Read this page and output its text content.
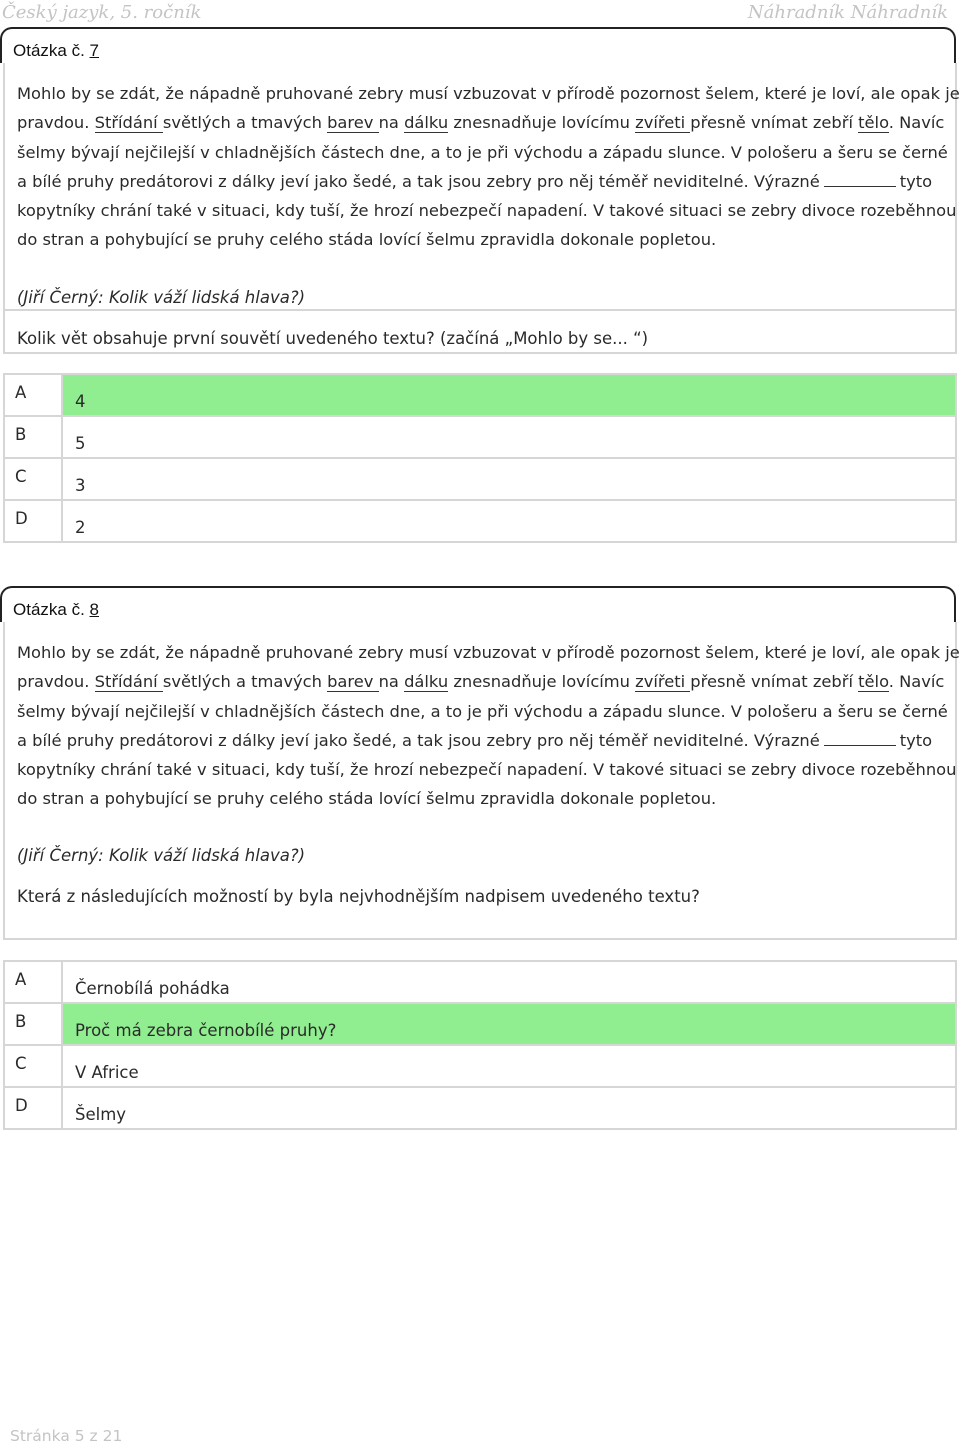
Český jazyk, 5. ročník	Náhradník Náhradník
Otázka č. 7
Mohlo by se zdát, že nápadně pruhované zebry musí vzbuzovat v přírodě pozornost šelem, které je loví, ale opak je
pravdou. Střídání světlých a tmavých barev na dálku znesnadňuje lovícímu zvířeti přesně vnímat zebří tělo. Navíc
šelmy bývají nejčilejší v chladnějších částech dne, a to je při východu a západu slunce. V pološeru a šeru se černé
a bílé pruhy predátorovi z dálky jeví jako šedé, a tak jsou zebry pro něj téměř neviditelné. Výrazné	tyto
kopytníky chrání také v situaci, kdy tuší, že hrozí nebezpečí napadení. V takové situaci se zebry divoce rozeběhnou
do stran a pohybující se pruhy celého stáda lovící šelmu zpravidla dokonale popletou.
(Jiří Černý: Kolik váží lidská hlava?)
Kolik vět obsahuje první souvětí uvedeného textu? (začíná „Mohlo by se... “)
A	4
B	5
C	3
D	2
Otázka č. 8
Mohlo by se zdát, že nápadně pruhované zebry musí vzbuzovat v přírodě pozornost šelem, které je loví, ale opak je
pravdou. Střídání světlých a tmavých barev na dálku znesnadňuje lovícímu zvířeti přesně vnímat zebří tělo. Navíc
šelmy bývají nejčilejší v chladnějších částech dne, a to je při východu a západu slunce. V pološeru a šeru se černé
a bílé pruhy predátorovi z dálky jeví jako šedé, a tak jsou zebry pro něj téměř neviditelné. Výrazné	tyto
kopytníky chrání také v situaci, kdy tuší, že hrozí nebezpečí napadení. V takové situaci se zebry divoce rozeběhnou
do stran a pohybující se pruhy celého stáda lovící šelmu zpravidla dokonale popletou.
(Jiří Černý: Kolik váží lidská hlava?)
Která z následujících možností by byla nejvhodnějším nadpisem uvedeného textu?
A	Černobílá pohádka
B	Proč má zebra černobílé pruhy?
C	V Africe
D	Šelmy
Stránka 5 z 21
